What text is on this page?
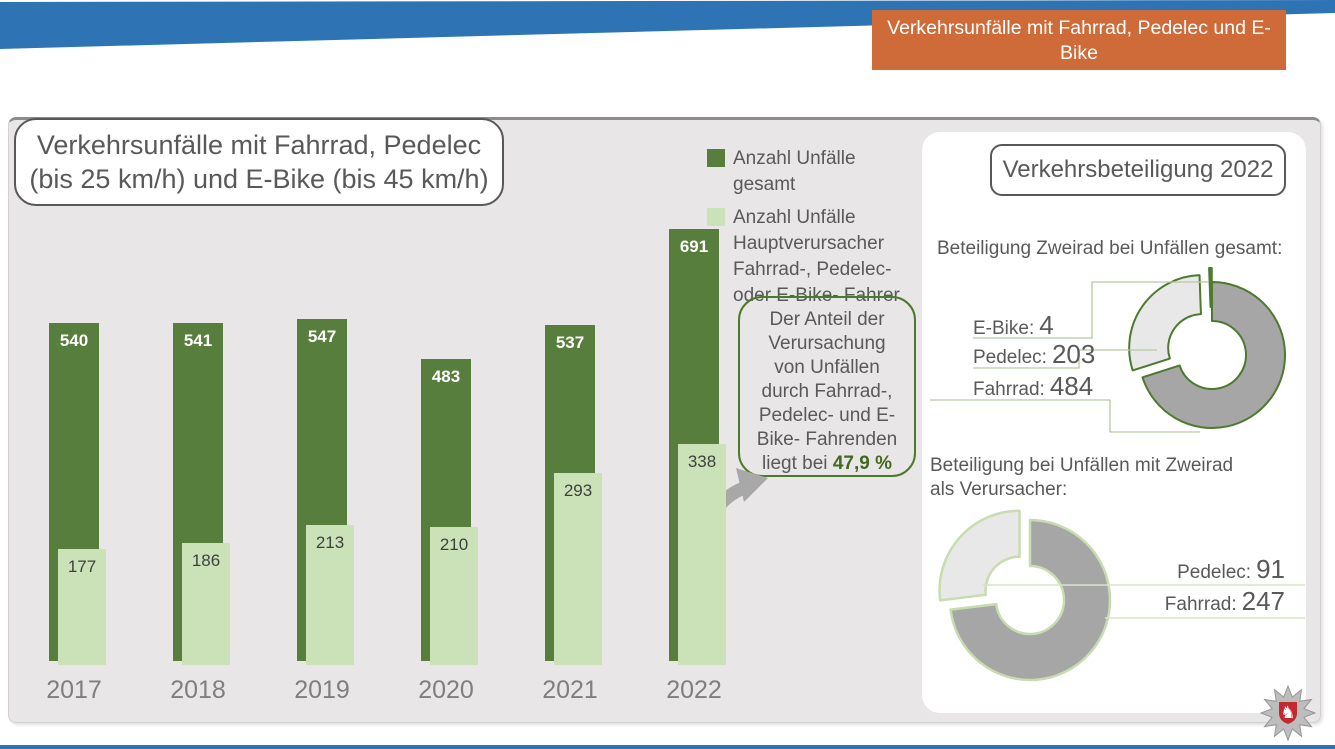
Verkehrsunfälle mit Fahrrad, Pedelec und E-Bike
Emsland
Verkehrsunfälle mit Fahrrad, Pedelec
(bis 25 km/h) und E-Bike (bis 45 km/h)
Anzahl Unfälle gesamt
Anzahl Unfälle Hauptverursacher Fahrrad-, Pedelec- oder E-Bike- Fahrer
540
177
2017
541
186
2018
547
213
2019
483
210
2020
537
293
2021
691
338
2022
Der Anteil der Verursachung von Unfällen durch Fahrrad-, Pedelec- und E-Bike- Fahrenden liegt bei 47,9 %
Verkehrsbeteiligung 2022
Beteiligung Zweirad bei Unfällen gesamt:
Beteiligung bei Unfällen mit Zweirad als Verursacher:
E-Bike: 4
Pedelec: 203
Fahrrad: 484
Pedelec: 91
Fahrrad: 247
♞
